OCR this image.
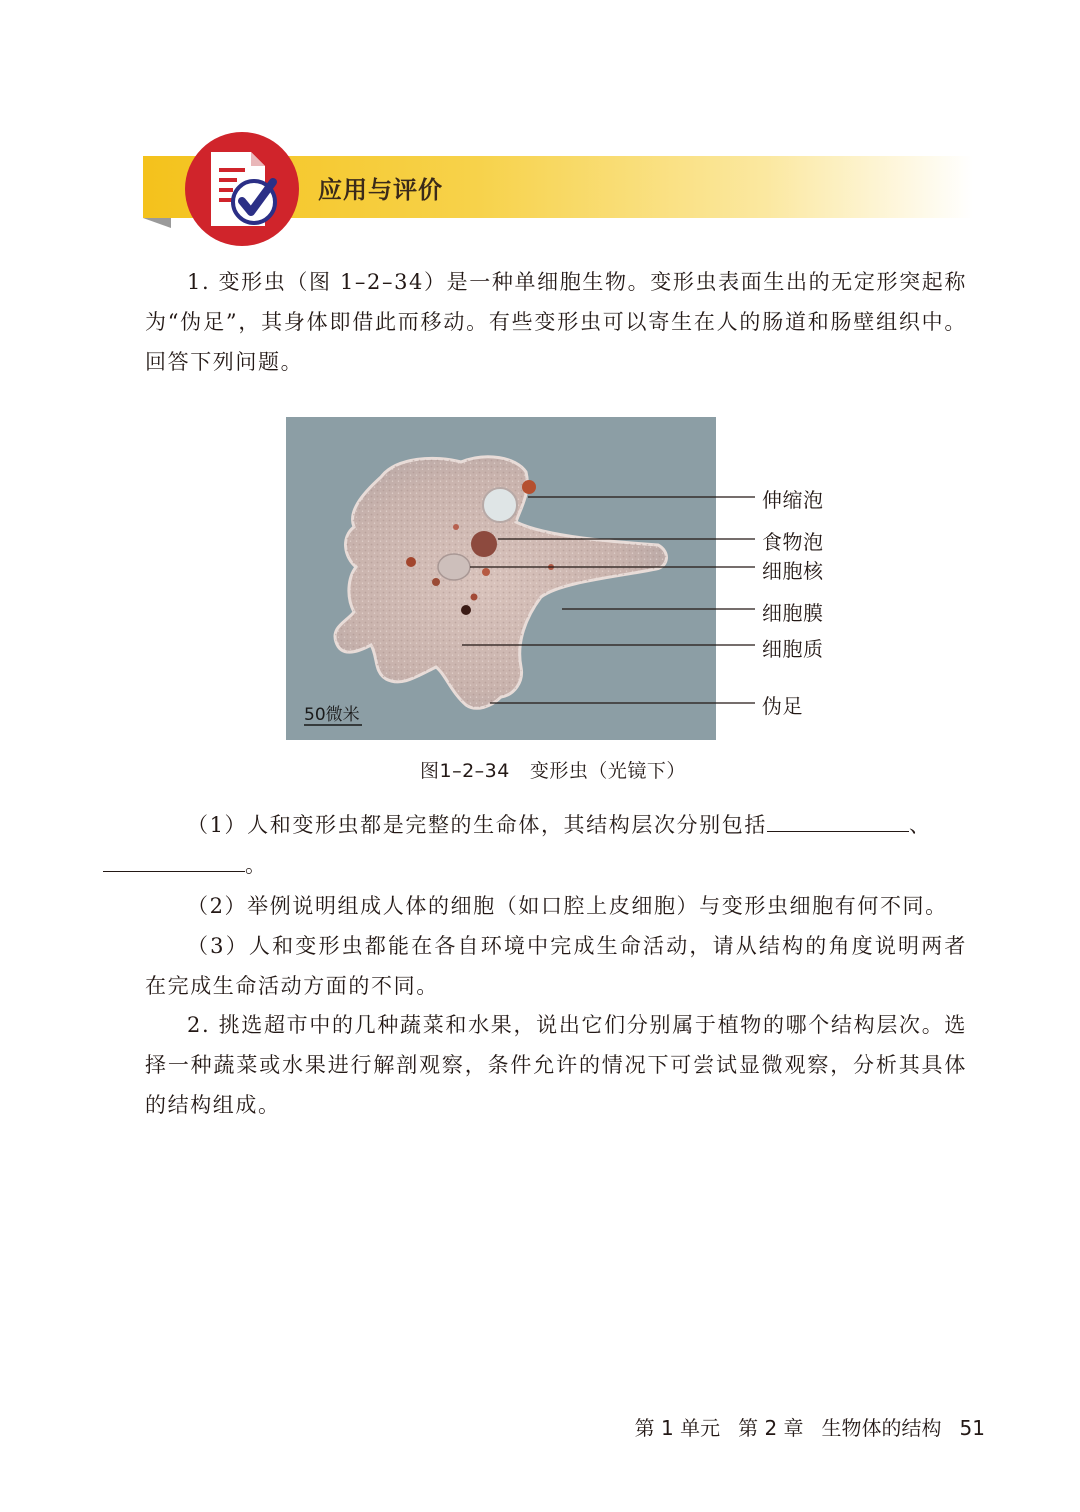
应用与评价

1. 变形虫（图 1–2–34）是一种单细胞生物。变形虫表面生出的无定形突起称为“伪足”，其身体即借此而移动。有些变形虫可以寄生在人的肠道和肠壁组织中。回答下列问题。

50微米
伸缩泡
食物泡
细胞核
细胞膜
细胞质
伪足
图1–2–34 变形虫（光镜下）

（1）人和变形虫都是完整的生命体，其结构层次分别包括	、
。

（2）举例说明组成人体的细胞（如口腔上皮细胞）与变形虫细胞有何不同。

（3）人和变形虫都能在各自环境中完成生命活动，请从结构的角度说明两者在完成生命活动方面的不同。

2. 挑选超市中的几种蔬菜和水果，说出它们分别属于植物的哪个结构层次。选择一种蔬菜或水果进行解剖观察，条件允许的情况下可尝试显微观察，分析其具体的结构组成。

第 1 单元 第 2 章 生物体的结构 51
